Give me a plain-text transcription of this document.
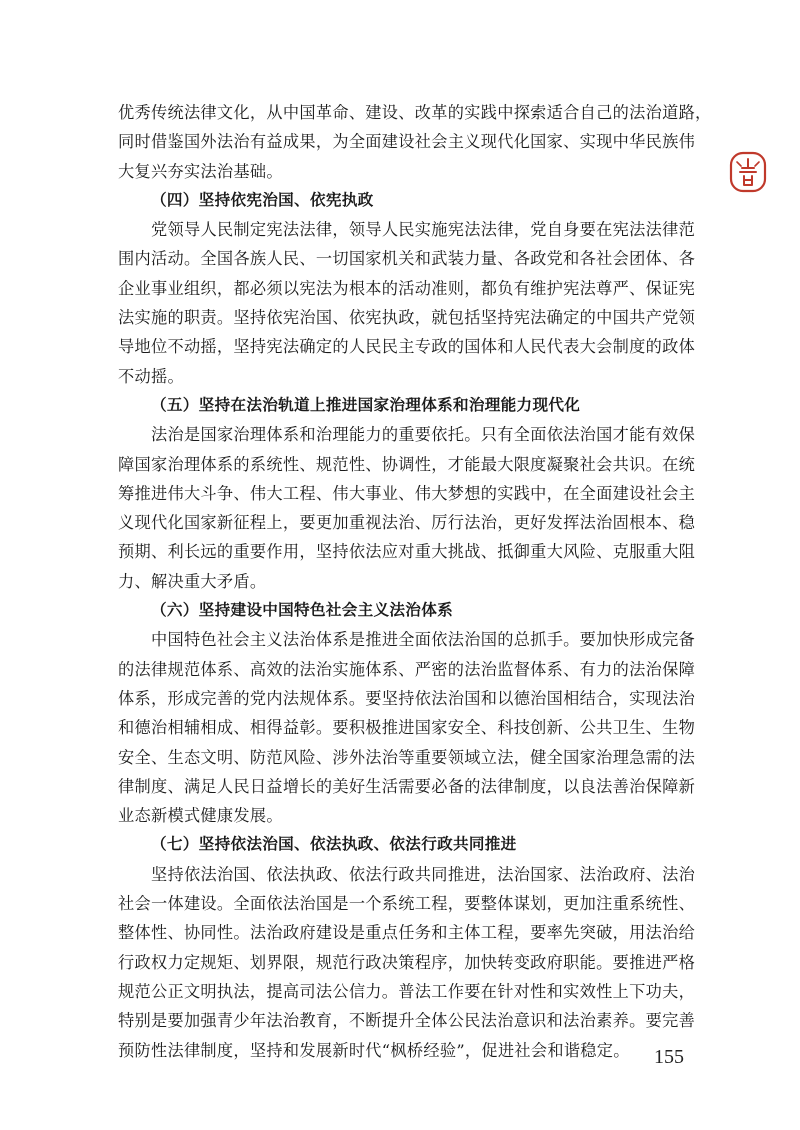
优秀传统法律文化，从中国革命、建设、改革的实践中探索适合自己的法治道路，
同时借鉴国外法治有益成果，为全面建设社会主义现代化国家、实现中华民族伟
大复兴夯实法治基础。
（四）坚持依宪治国、依宪执政
党领导人民制定宪法法律，领导人民实施宪法法律，党自身要在宪法法律范
围内活动。全国各族人民、一切国家机关和武装力量、各政党和各社会团体、各
企业事业组织，都必须以宪法为根本的活动准则，都负有维护宪法尊严、保证宪
法实施的职责。坚持依宪治国、依宪执政，就包括坚持宪法确定的中国共产党领
导地位不动摇，坚持宪法确定的人民民主专政的国体和人民代表大会制度的政体
不动摇。
（五）坚持在法治轨道上推进国家治理体系和治理能力现代化
法治是国家治理体系和治理能力的重要依托。只有全面依法治国才能有效保
障国家治理体系的系统性、规范性、协调性，才能最大限度凝聚社会共识。在统
筹推进伟大斗争、伟大工程、伟大事业、伟大梦想的实践中，在全面建设社会主
义现代化国家新征程上，要更加重视法治、厉行法治，更好发挥法治固根本、稳
预期、利长远的重要作用，坚持依法应对重大挑战、抵御重大风险、克服重大阻
力、解决重大矛盾。
（六）坚持建设中国特色社会主义法治体系
中国特色社会主义法治体系是推进全面依法治国的总抓手。要加快形成完备
的法律规范体系、高效的法治实施体系、严密的法治监督体系、有力的法治保障
体系，形成完善的党内法规体系。要坚持依法治国和以德治国相结合，实现法治
和德治相辅相成、相得益彰。要积极推进国家安全、科技创新、公共卫生、生物
安全、生态文明、防范风险、涉外法治等重要领域立法，健全国家治理急需的法
律制度、满足人民日益增长的美好生活需要必备的法律制度，以良法善治保障新
业态新模式健康发展。
（七）坚持依法治国、依法执政、依法行政共同推进
坚持依法治国、依法执政、依法行政共同推进，法治国家、法治政府、法治
社会一体建设。全面依法治国是一个系统工程，要整体谋划，更加注重系统性、
整体性、协同性。法治政府建设是重点任务和主体工程，要率先突破，用法治给
行政权力定规矩、划界限，规范行政决策程序，加快转变政府职能。要推进严格
规范公正文明执法，提高司法公信力。普法工作要在针对性和实效性上下功夫，
特别是要加强青少年法治教育，不断提升全体公民法治意识和法治素养。要完善
预防性法律制度，坚持和发展新时代“枫桥经验”，促进社会和谐稳定。	155
